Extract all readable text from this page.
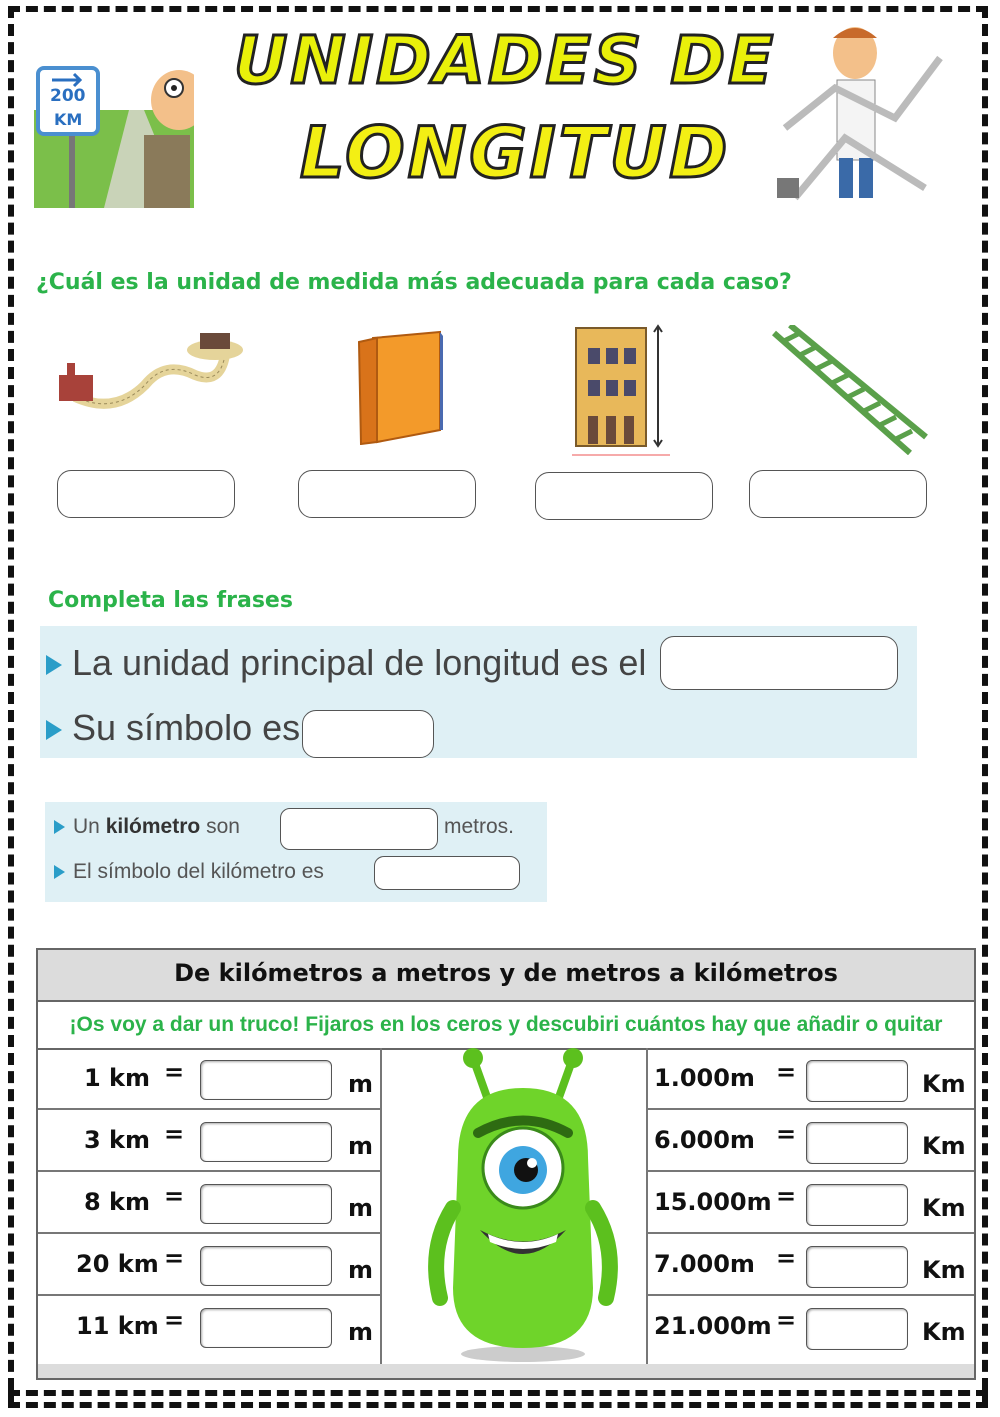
200
KM
UNIDADES DE
LONGITUD
¿Cuál es la unidad de medida más adecuada para cada caso?
Completa las frases
La unidad principal de longitud es el
Su símbolo es
Un kilómetro son	metros.
El símbolo del kilómetro es
De kilómetros a metros y de metros a kilómetros
¡Os voy a dar un truco! Fijaros en los ceros y descubiri cuántos hay que añadir o quitar
1 km =	m
3 km =	m
8 km =	m
20 km =	m
11 km =	m
1.000m =	Km
6.000m =	Km
15.000m =	Km
7.000m =	Km
21.000m =	Km
